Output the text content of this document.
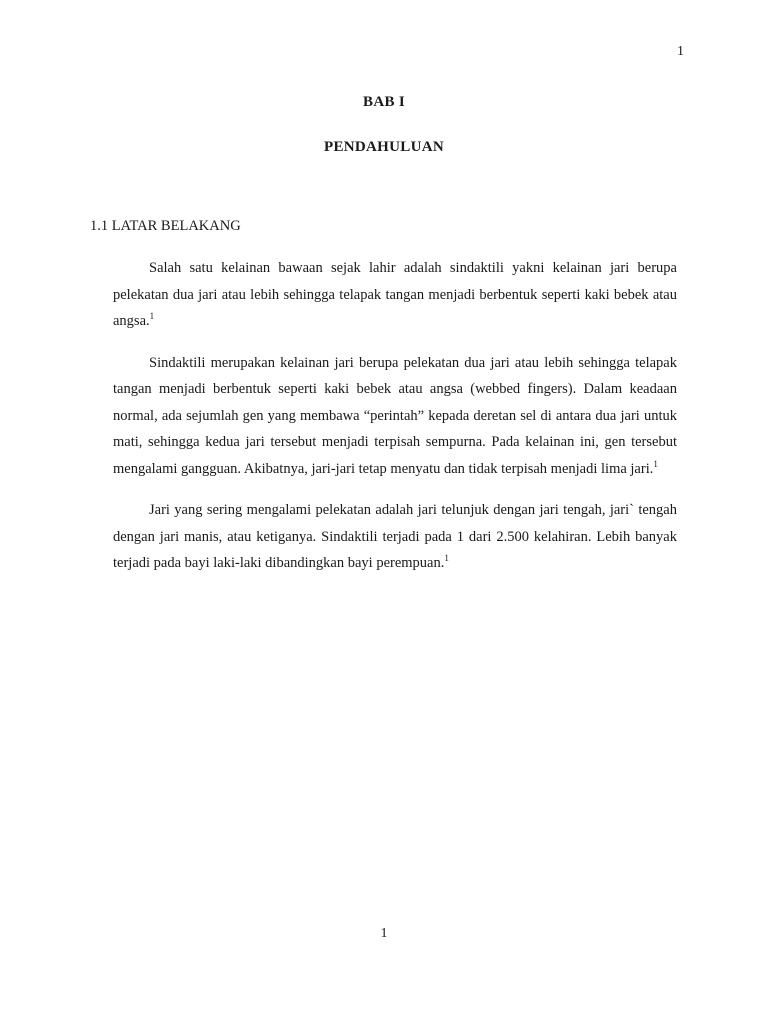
1
BAB I
PENDAHULUAN
1.1 LATAR BELAKANG

Salah satu kelainan bawaan sejak lahir adalah sindaktili yakni kelainan jari berupa pelekatan dua jari atau lebih sehingga telapak tangan menjadi berbentuk seperti kaki bebek atau angsa.$^1$

Sindaktili merupakan kelainan jari berupa pelekatan dua jari atau lebih sehingga telapak tangan menjadi berbentuk seperti kaki bebek atau angsa (webbed fingers). Dalam keadaan normal, ada sejumlah gen yang membawa “perintah” kepada deretan sel di antara dua jari untuk mati, sehingga kedua jari tersebut menjadi terpisah sempurna. Pada kelainan ini, gen tersebut mengalami gangguan. Akibatnya, jari-jari tetap menyatu dan tidak terpisah menjadi lima jari.$^1$

Jari yang sering mengalami pelekatan adalah jari telunjuk dengan jari tengah, jari` tengah dengan jari manis, atau ketiganya. Sindaktili terjadi pada 1 dari 2.500 kelahiran. Lebih banyak terjadi pada bayi laki-laki dibandingkan bayi perempuan.$^1$

1
